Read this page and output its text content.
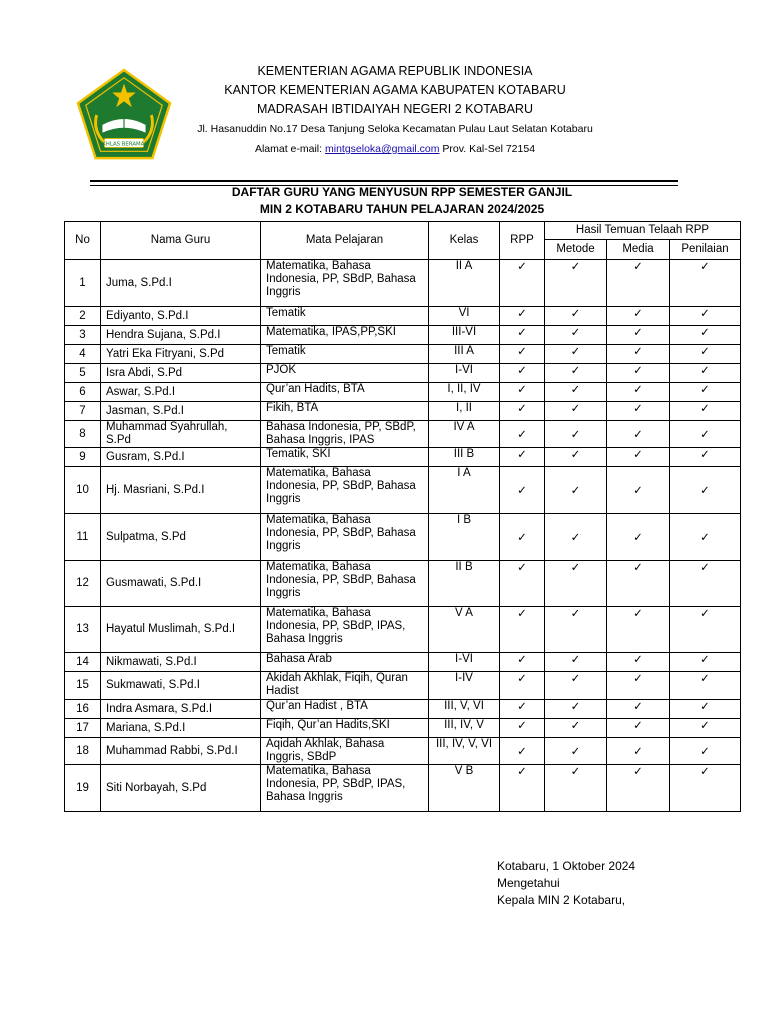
IKHLAS BERAMAL
KEMENTERIAN AGAMA REPUBLIK INDONESIA
KANTOR KEMENTERIAN AGAMA KABUPATEN KOTABARU
MADRASAH IBTIDAIYAH NEGERI 2 KOTABARU
Jl. Hasanuddin No.17 Desa Tanjung Seloka Kecamatan Pulau Laut Selatan Kotabaru
Alamat e-mail: mintgseloka@gmail.com Prov. Kal-Sel 72154
DAFTAR GURU YANG MENYUSUN RPP SEMESTER GANJIL
MIN 2 KOTABARU TAHUN PELAJARAN 2024/2025
No	Nama Guru	Mata Pelajaran	Kelas	RPP	Hasil Temuan Telaah RPP		
					Metode	Media	Penilaian
1	Juma, S.Pd.I	Matematika, Bahasa Indonesia, PP, SBdP, Bahasa Inggris	II A	✓	✓	✓	✓
2	Ediyanto, S.Pd.I	Tematik	VI	✓	✓	✓	✓
3	Hendra Sujana, S.Pd.I	Matematika, IPAS,PP,SKI	III-VI	✓	✓	✓	✓
4	Yatri Eka Fitryani, S.Pd	Tematik	III A	✓	✓	✓	✓
5	Isra Abdi, S.Pd	PJOK	I-VI	✓	✓	✓	✓
6	Aswar, S.Pd.I	Qur’an Hadits, BTA	I, II, IV	✓	✓	✓	✓
7	Jasman, S.Pd.I	Fikih, BTA	I, II	✓	✓	✓	✓
8	Muhammad Syahrullah, S.Pd	Bahasa Indonesia, PP, SBdP, Bahasa Inggris, IPAS	IV A	✓	✓	✓	✓
9	Gusram, S.Pd.I	Tematik, SKI	III B	✓	✓	✓	✓
10	Hj. Masriani, S.Pd.I	Matematika, Bahasa Indonesia, PP, SBdP, Bahasa Inggris	I A	✓	✓	✓	✓
11	Sulpatma, S.Pd	Matematika, Bahasa Indonesia, PP, SBdP, Bahasa Inggris	I B	✓	✓	✓	✓
12	Gusmawati, S.Pd.I	Matematika, Bahasa Indonesia, PP, SBdP, Bahasa Inggris	II B	✓	✓	✓	✓
13	Hayatul Muslimah, S.Pd.I	Matematika, Bahasa Indonesia, PP, SBdP, IPAS, Bahasa Inggris	V A	✓	✓	✓	✓
14	Nikmawati, S.Pd.I	Bahasa Arab	I-VI	✓	✓	✓	✓
15	Sukmawati, S.Pd.I	Akidah Akhlak, Fiqih, Quran Hadist	I-IV	✓	✓	✓	✓
16	Indra Asmara, S.Pd.I	Qur’an Hadist , BTA	III, V, VI	✓	✓	✓	✓
17	Mariana, S.Pd.I	Fiqih, Qur’an Hadits,SKI	III, IV, V	✓	✓	✓	✓
18	Muhammad Rabbi, S.Pd.I	Aqidah Akhlak, Bahasa Inggris, SBdP	III, IV, V, VI	✓	✓	✓	✓
19	Siti Norbayah, S.Pd	Matematika, Bahasa Indonesia, PP, SBdP, IPAS, Bahasa Inggris	V B	✓	✓	✓	✓
Kotabaru, 1 Oktober 2024
Mengetahui
Kepala MIN 2 Kotabaru,
